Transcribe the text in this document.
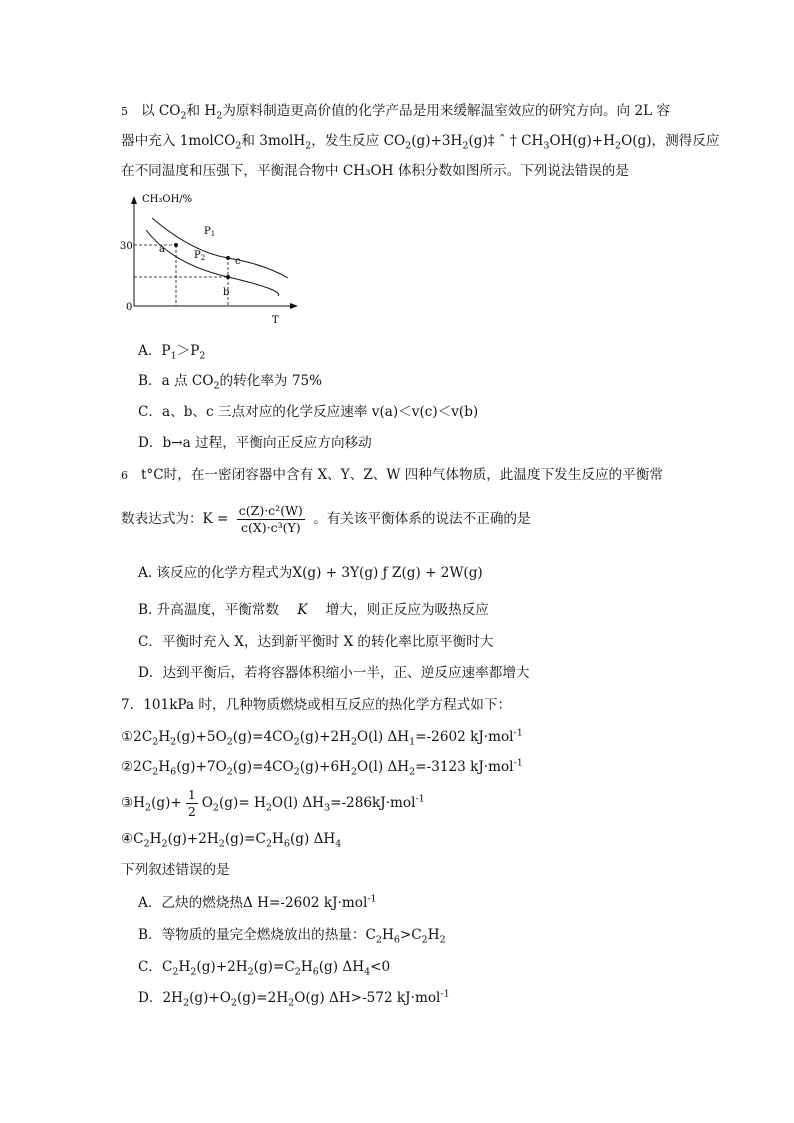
5 以 $CO_2$和 $H_2$为原料制造更高价值的化学产品是用来缓解温室效应的研究方向。向 2L 容
器中充入 1molCO$_2$和 3molH$_2$，发生反应 $CO_2(g)+3H_2(g)\ddagger$ ˆ † $CH_3OH(g)+H_2O(g)$，测得反应
在不同温度和压强下，平衡混合物中 CH₃OH 体积分数如图所示。下列说法错误的是
CH₃OH/%
T
30
0
a
c
b
$P_1$
$P_2$
A．$P_1>P_2$
B．a 点 $CO_2$的转化率为 75%
C．a、b、c 三点对应的化学反应速率 v(a)＜v(c)＜v(b)
D．b→a 过程，平衡向正反应方向移动
6 t°C时，在一密闭容器中含有 X、Y、Z、W 四种气体物质，此温度下发生反应的平衡常
数表达式为：$K = \frac{\text{c(Z)·c²(W)}}{\text{c(X)·c³(Y)}}$ 。有关该平衡体系的说法不正确的是
A. 该反应的化学方程式为X(g) + 3Y(g) ƒ Z(g) + 2W(g)
B. 升高温度，平衡常数 K 增大，则正反应为吸热反应
C．平衡时充入 X，达到新平衡时 X 的转化率比原平衡时大
D．达到平衡后，若将容器体积缩小一半，正、逆反应速率都增大
7．101kPa 时，几种物质燃烧或相互反应的热化学方程式如下：
$①2C_2H_2(g)+5O_2(g)=4CO_2(g)+2H_2O(l)$ $\Delta H_1=-2602$ kJ·mol$^{-1}$
$②2C_2H_6(g)+7O_2(g)=4CO_2(g)+6H_2O(l)$ $\Delta H_2=-3123$ kJ·mol$^{-1}$
$③H_2(g)+ \frac{1}{2} O_2(g)= H_2O(l)$ $\Delta H_3=-286kJ\cdot mol^{-1}$
$④C_2H_2(g)+2H_2(g)=C_2H_6(g)$ $\Delta H_4$
下列叙述错误的是
A．乙炔的燃烧热Δ H=-2602 kJ·mol$^{-1}$
B．等物质的量完全燃烧放出的热量：$C_2H_6>C_2H_2$
C．$C_2H_2(g)+2H_2(g)=C_2H_6(g)$ $\Delta H_4<0$
D．$2H_2(g)+O_2(g)=2H_2O(g)$ ΔH>-572 kJ·mol$^{-1}$
